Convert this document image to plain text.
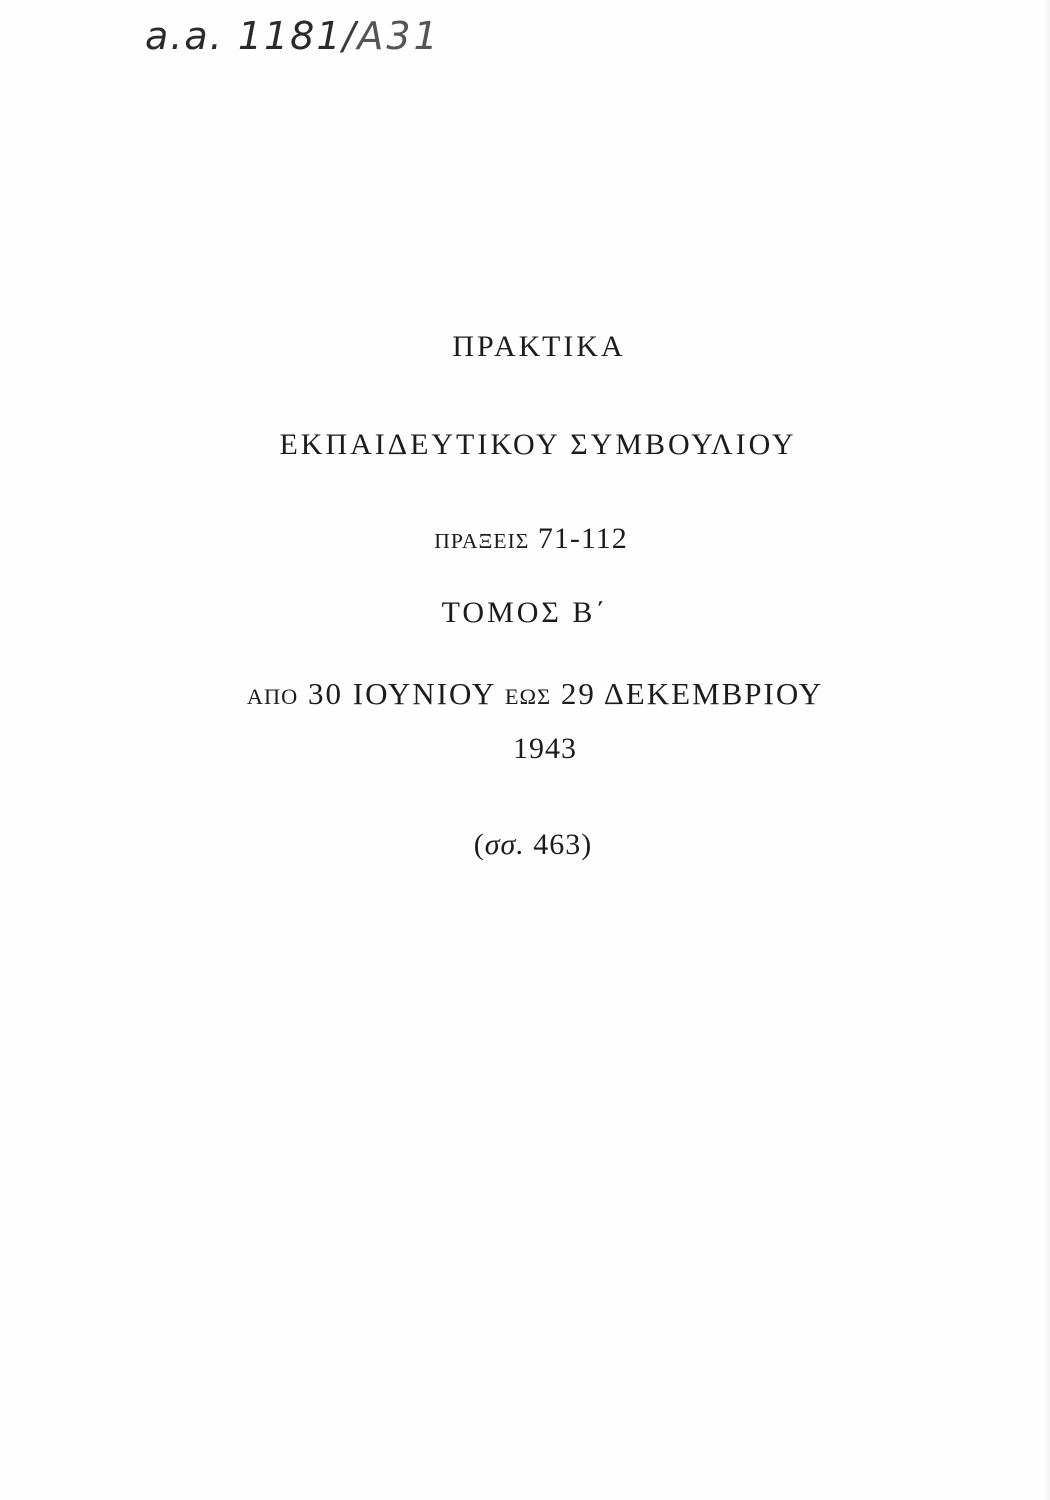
a.a. 1181/A31
ΠΡΑΚΤΙΚΑ
ΕΚΠΑΙΔΕΥΤΙΚΟΥ ΣΥΜΒΟΥΛΙΟΥ
ΠΡΑΞΕΙΣ 71-112
ΤΟΜΟΣ Β΄
ΑΠΟ 30 ΙΟΥΝΙΟΥ ΕΩΣ 29 ΔΕΚΕΜΒΡΙΟΥ
1943
(σσ. 463)
